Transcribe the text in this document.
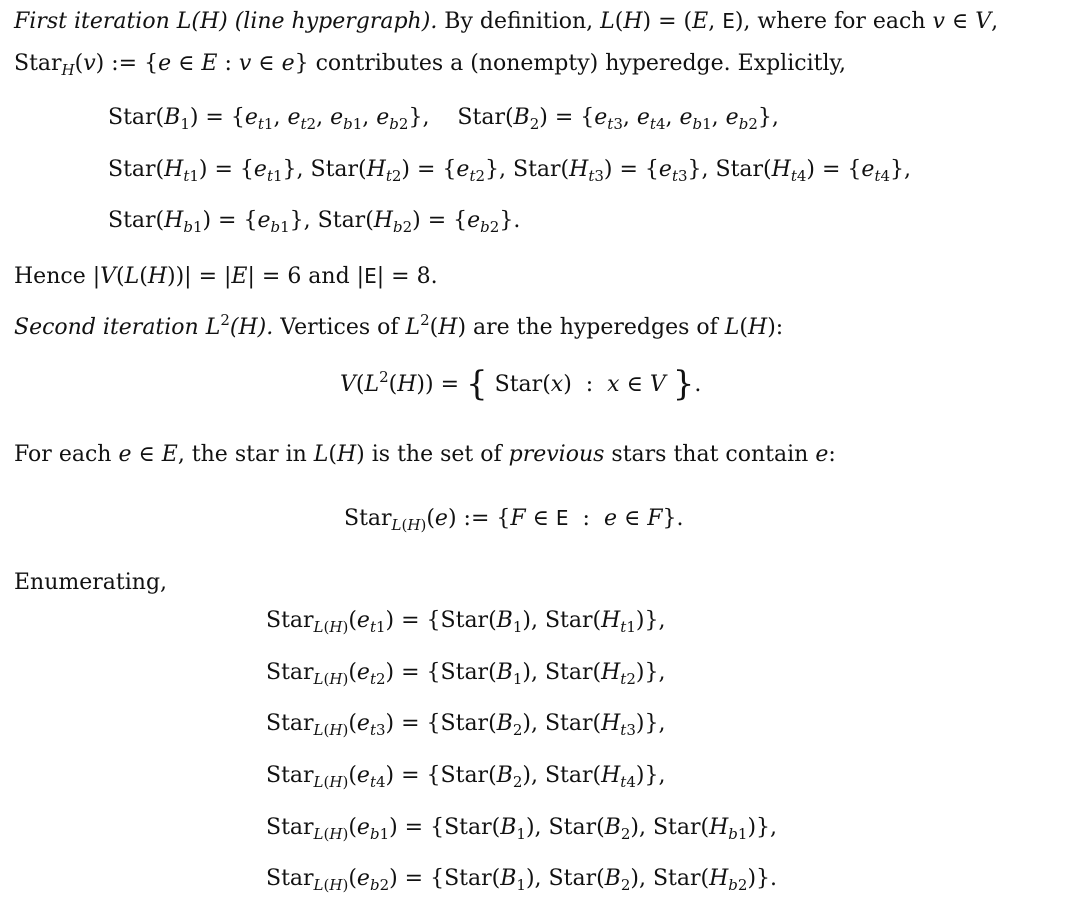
First iteration L(H) (line hypergraph). By definition, L(H) = (E, E), where for each v ∈ V,
Star$_H$(v) := {e ∈ E : v ∈ e} contributes a (nonempty) hyperedge. Explicitly,
$Star(B_1) = \{e_{t1}$, $e_{t2}$, $e_{b1}$, $e_{b2}$},    $Star(B_2) = \{e_{t3}$, $e_{t4}$, $e_{b1}$, $e_{b2}$},
$Star(H_{t1}) = \{e_{t1}\}$, $Star(H_{t2}) = \{e_{t2}\}$, $Star(H_{t3}) = \{e_{t3}\}$, $Star(H_{t4}) = \{e_{t4}\}$,
$Star(H_{b1}) = \{e_{b1}\}$, $Star(H_{b2}) = \{e_{b2}\}$.
Hence |V(L(H))| = |E| = 6 and |E| = 8.
Second iteration $L^2(H)$. Vertices of $L^2(H)$ are the hyperedges of L(H):
$V(L^2(H))$ = { Star(x)  :  x ∈ V }.
For each e ∈ E, the star in L(H) is the set of previous stars that contain e:
Star$_{L(H)}$(e) := {F ∈ E  :  e ∈ F}.
Enumerating,
$Star_{L(H)}(e_{t1})$ = {$Star(B_1)$, $Star(H_{t1})$},
$Star_{L(H)}(e_{t2})$ = {$Star(B_1)$, $Star(H_{t2})$},
$Star_{L(H)}(e_{t3})$ = {$Star(B_2)$, $Star(H_{t3})$},
$Star_{L(H)}(e_{t4})$ = {$Star(B_2)$, $Star(H_{t4})$},
$Star_{L(H)}(e_{b1})$ = {$Star(B_1)$, $Star(B_2)$, $Star(H_{b1})$},
$Star_{L(H)}(e_{b2})$ = {$Star(B_1)$, $Star(B_2)$, $Star(H_{b2})$}.
